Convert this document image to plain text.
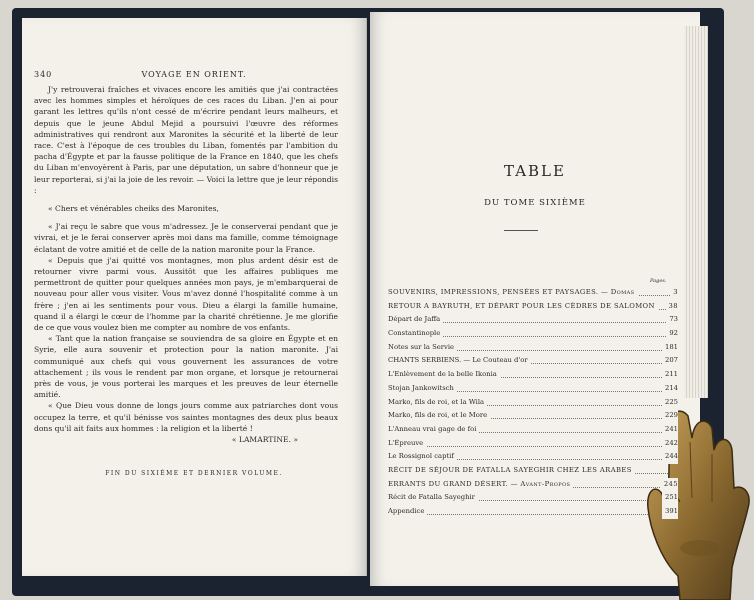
340	VOYAGE EN ORIENT.

J'y retrouverai fraîches et vivaces encore les amitiés que j'ai contractées avec les hommes simples et héroïques de ces races du Liban. J'en ai pour garant les lettres qu'ils n'ont cessé de m'écrire pendant leurs malheurs, et depuis que le jeune Abdul Mejid a poursuivi l'œuvre des réformes administratives qui rendront aux Maronites la sécurité et la liberté de leur race. C'est à l'époque de ces troubles du Liban, fomentés par l'ambition du pacha d'Égypte et par la fausse politique de la France en 1840, que les chefs du Liban m'envoyèrent à Paris, par une députation, un sabre d'honneur que je leur reporterai, si j'ai la joie de les revoir. — Voici la lettre que je leur répondis :

« Chers et vénérables cheiks des Maronites,

« J'ai reçu le sabre que vous m'adressez. Je le conserverai pendant que je vivrai, et je le ferai conserver après moi dans ma famille, comme témoignage éclatant de votre amitié et de celle de la nation maronite pour la France.

« Depuis que j'ai quitté vos montagnes, mon plus ardent désir est de retourner vivre parmi vous. Aussitôt que les affaires publiques me permettront de quitter pour quelques années mon pays, je m'embarquerai de nouveau pour aller vous visiter. Vous m'avez donné l'hospitalité comme à un frère ; j'en ai les sentiments pour vous. Dieu a élargi la famille humaine, quand il a élargi le cœur de l'homme par la charité chrétienne. Je me glorifie de ce que vous voulez bien me compter au nombre de vos enfants.

« Tant que la nation française se souviendra de sa gloire en Égypte et en Syrie, elle aura souvenir et protection pour la nation maronite. J'ai communiqué aux chefs qui vous gouvernent les assurances de votre attachement ; ils vous le rendent par mon organe, et lorsque je retournerai près de vous, je vous porterai les marques et les preuves de leur éternelle amitié.

« Que Dieu vous donne de longs jours comme aux patriarches dont vous occupez la terre, et qu'il bénisse vos saintes montagnes des deux plus beaux dons qu'il ait faits aux hommes : la religion et la liberté !

« LAMARTINE. »

FIN DU SIXIÈME ET DERNIER VOLUME.
TABLE
DU TOME SIXIÈME
Pages.
SOUVENIRS, IMPRESSIONS, PENSÉES ET PAYSAGES. — Domas	3
RETOUR A BAYRUTH, ET DÉPART POUR LES CÈDRES DE SALOMON	38
Départ de Jaffa	73
Constantinople	92
Notes sur la Servie	181
CHANTS SERBIENS. — Le Couteau d'or	207
L'Enlèvement de la belle Ikonia	211
Stojan Jankowitsch	214
Marko, fils de roi, et la Wila	225
Marko, fils de roi, et le More	229
L'Anneau vrai gage de foi	241
L'Épreuve	242
Le Rossignol captif	244
RÉCIT DE SÉJOUR DE FATALLA SAYEGHIR CHEZ LES ARABES
ERRANTS DU GRAND DÉSERT. — Avant-Propos	245
Récit de Fatalla Sayeghir	251
Appendice	391
